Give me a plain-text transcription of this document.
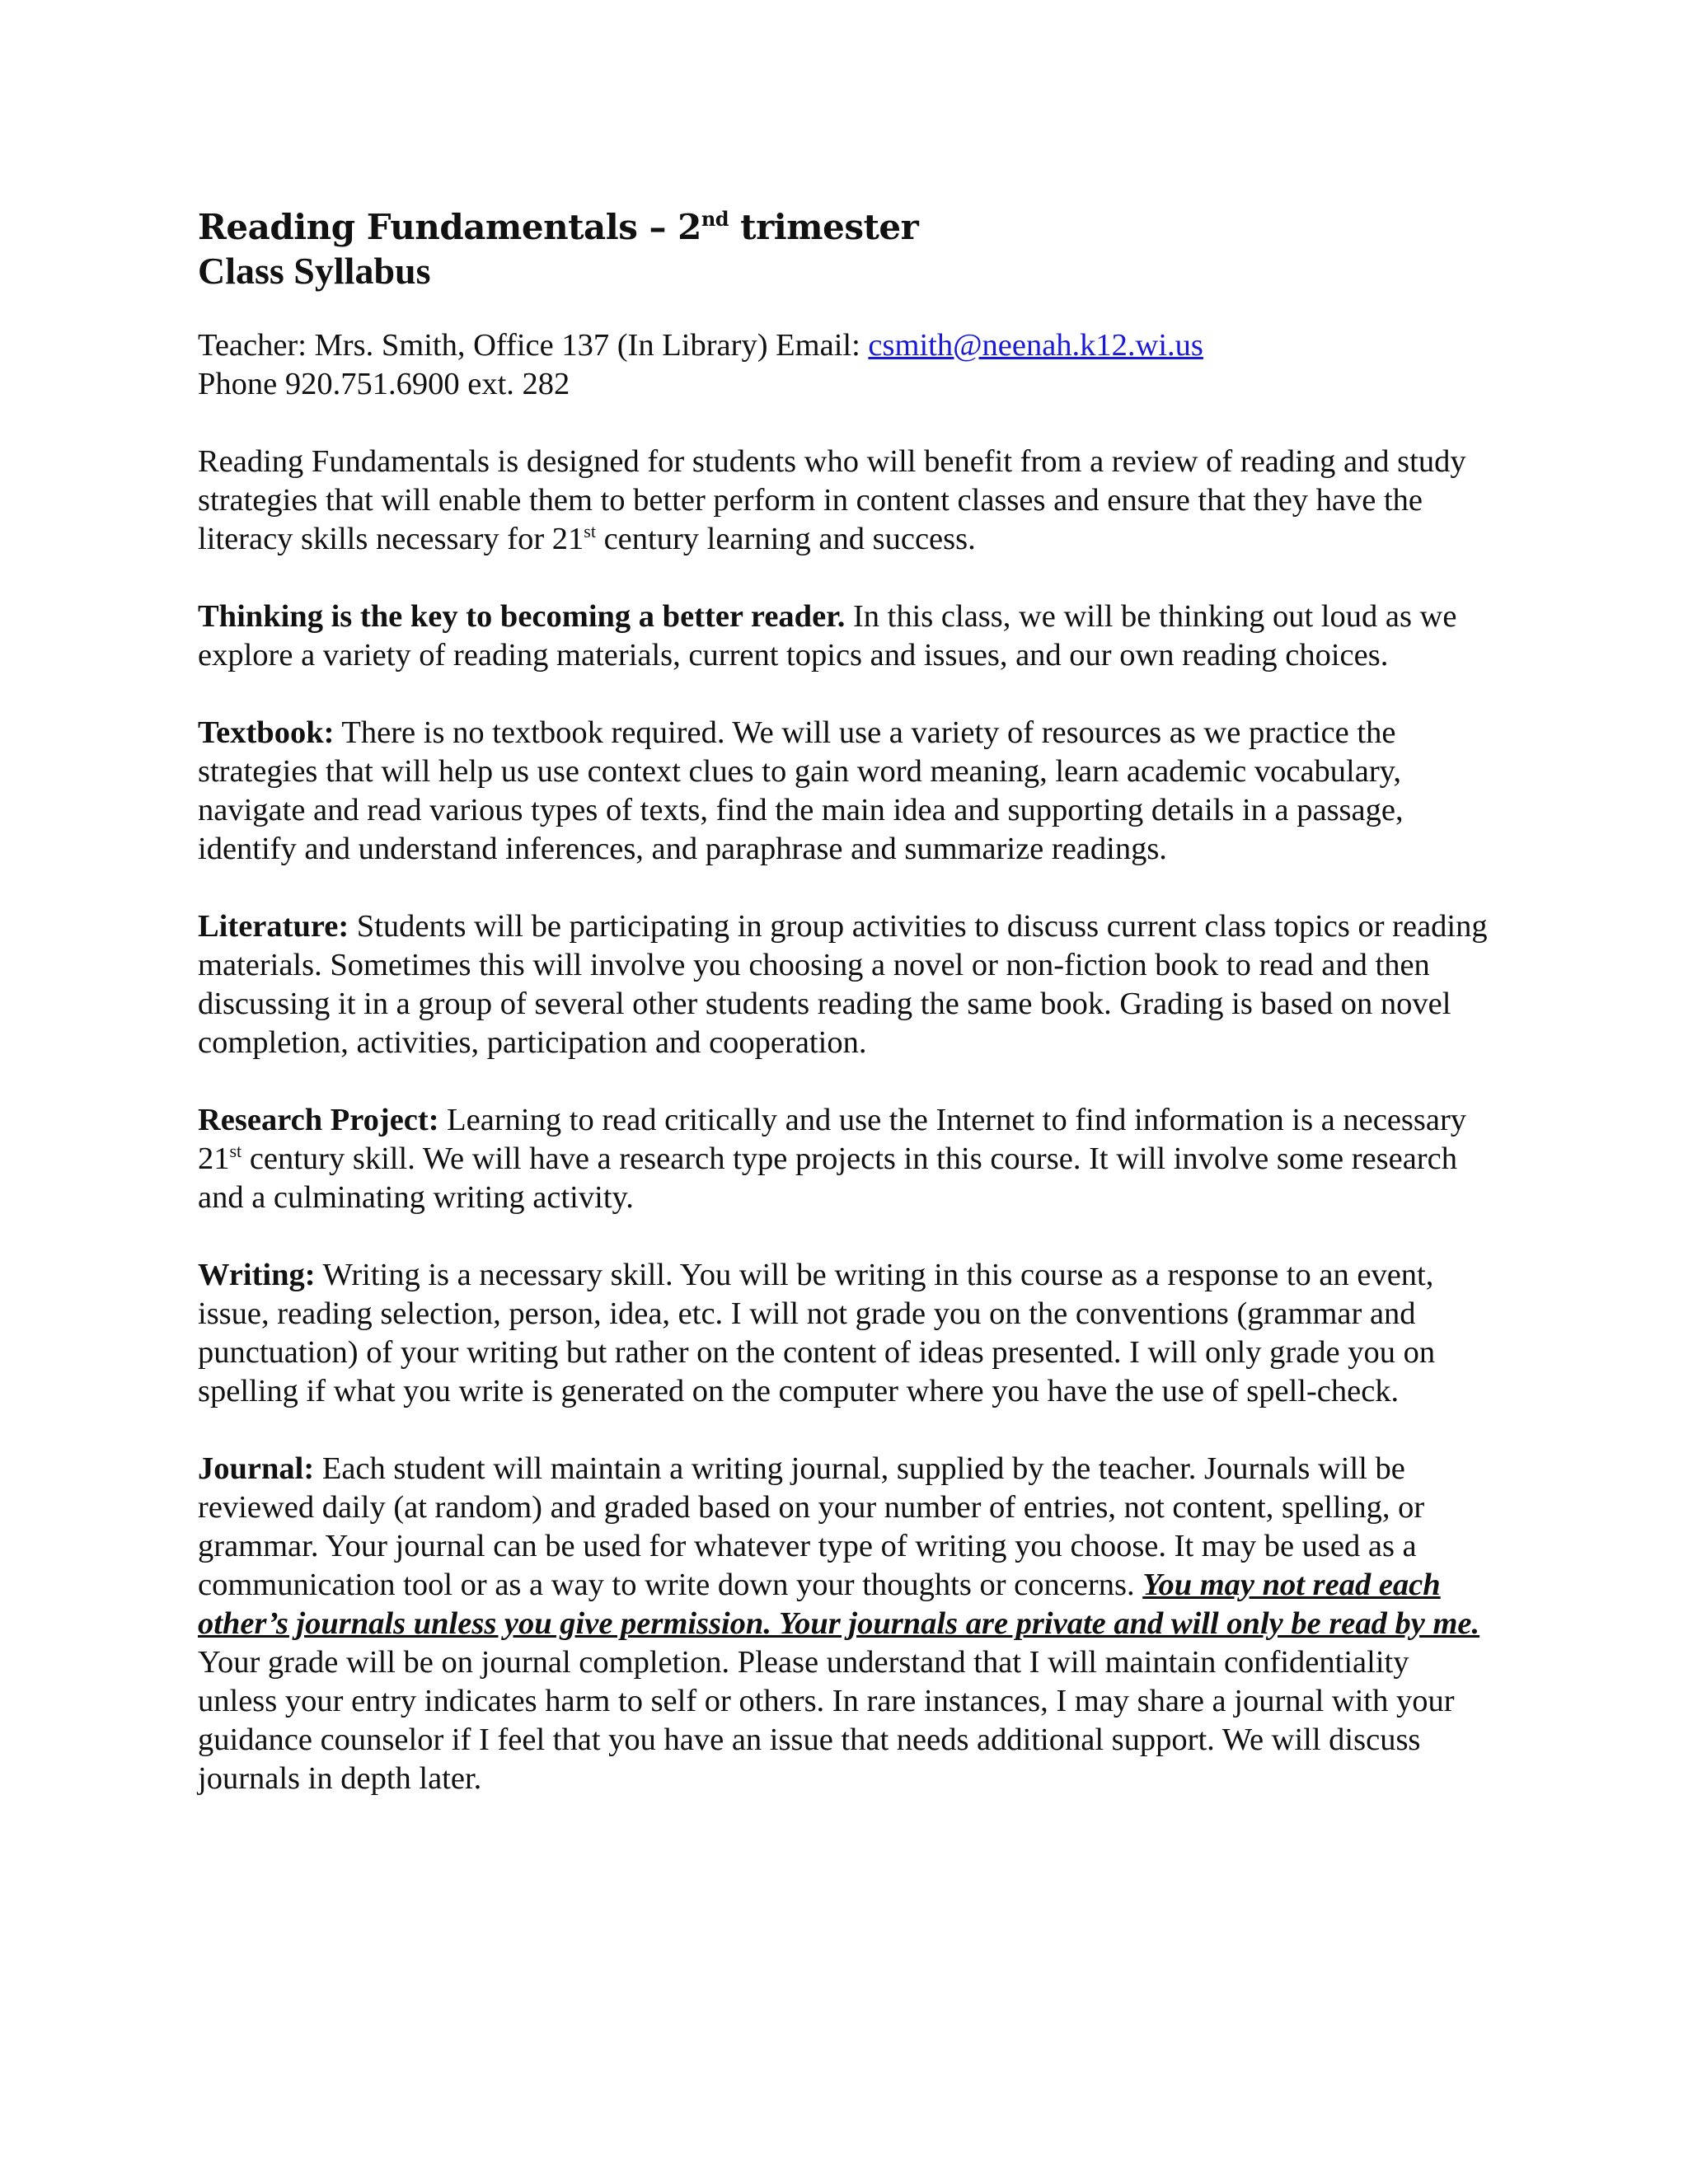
Reading Fundamentals – 2nd trimester
Class Syllabus

Teacher: Mrs. Smith, Office 137 (In Library) Email: csmith@neenah.k12.wi.us
Phone 920.751.6900 ext. 282

Reading Fundamentals is designed for students who will benefit from a review of reading and study strategies that will enable them to better perform in content classes and ensure that they have the literacy skills necessary for 21st century learning and success.

Thinking is the key to becoming a better reader. In this class, we will be thinking out loud as we explore a variety of reading materials, current topics and issues, and our own reading choices.

Textbook: There is no textbook required. We will use a variety of resources as we practice the strategies that will help us use context clues to gain word meaning, learn academic vocabulary, navigate and read various types of texts, find the main idea and supporting details in a passage, identify and understand inferences, and paraphrase and summarize readings.

Literature: Students will be participating in group activities to discuss current class topics or reading materials. Sometimes this will involve you choosing a novel or non-fiction book to read and then discussing it in a group of several other students reading the same book. Grading is based on novel completion, activities, participation and cooperation.

Research Project: Learning to read critically and use the Internet to find information is a necessary 21st century skill. We will have a research type projects in this course. It will involve some research and a culminating writing activity.

Writing: Writing is a necessary skill. You will be writing in this course as a response to an event, issue, reading selection, person, idea, etc. I will not grade you on the conventions (grammar and punctuation) of your writing but rather on the content of ideas presented. I will only grade you on spelling if what you write is generated on the computer where you have the use of spell-check.

Journal: Each student will maintain a writing journal, supplied by the teacher. Journals will be reviewed daily (at random) and graded based on your number of entries, not content, spelling, or grammar. Your journal can be used for whatever type of writing you choose. It may be used as a communication tool or as a way to write down your thoughts or concerns. You may not read each other’s journals unless you give permission. Your journals are private and will only be read by me. Your grade will be on journal completion. Please understand that I will maintain confidentiality unless your entry indicates harm to self or others. In rare instances, I may share a journal with your guidance counselor if I feel that you have an issue that needs additional support. We will discuss journals in depth later.
